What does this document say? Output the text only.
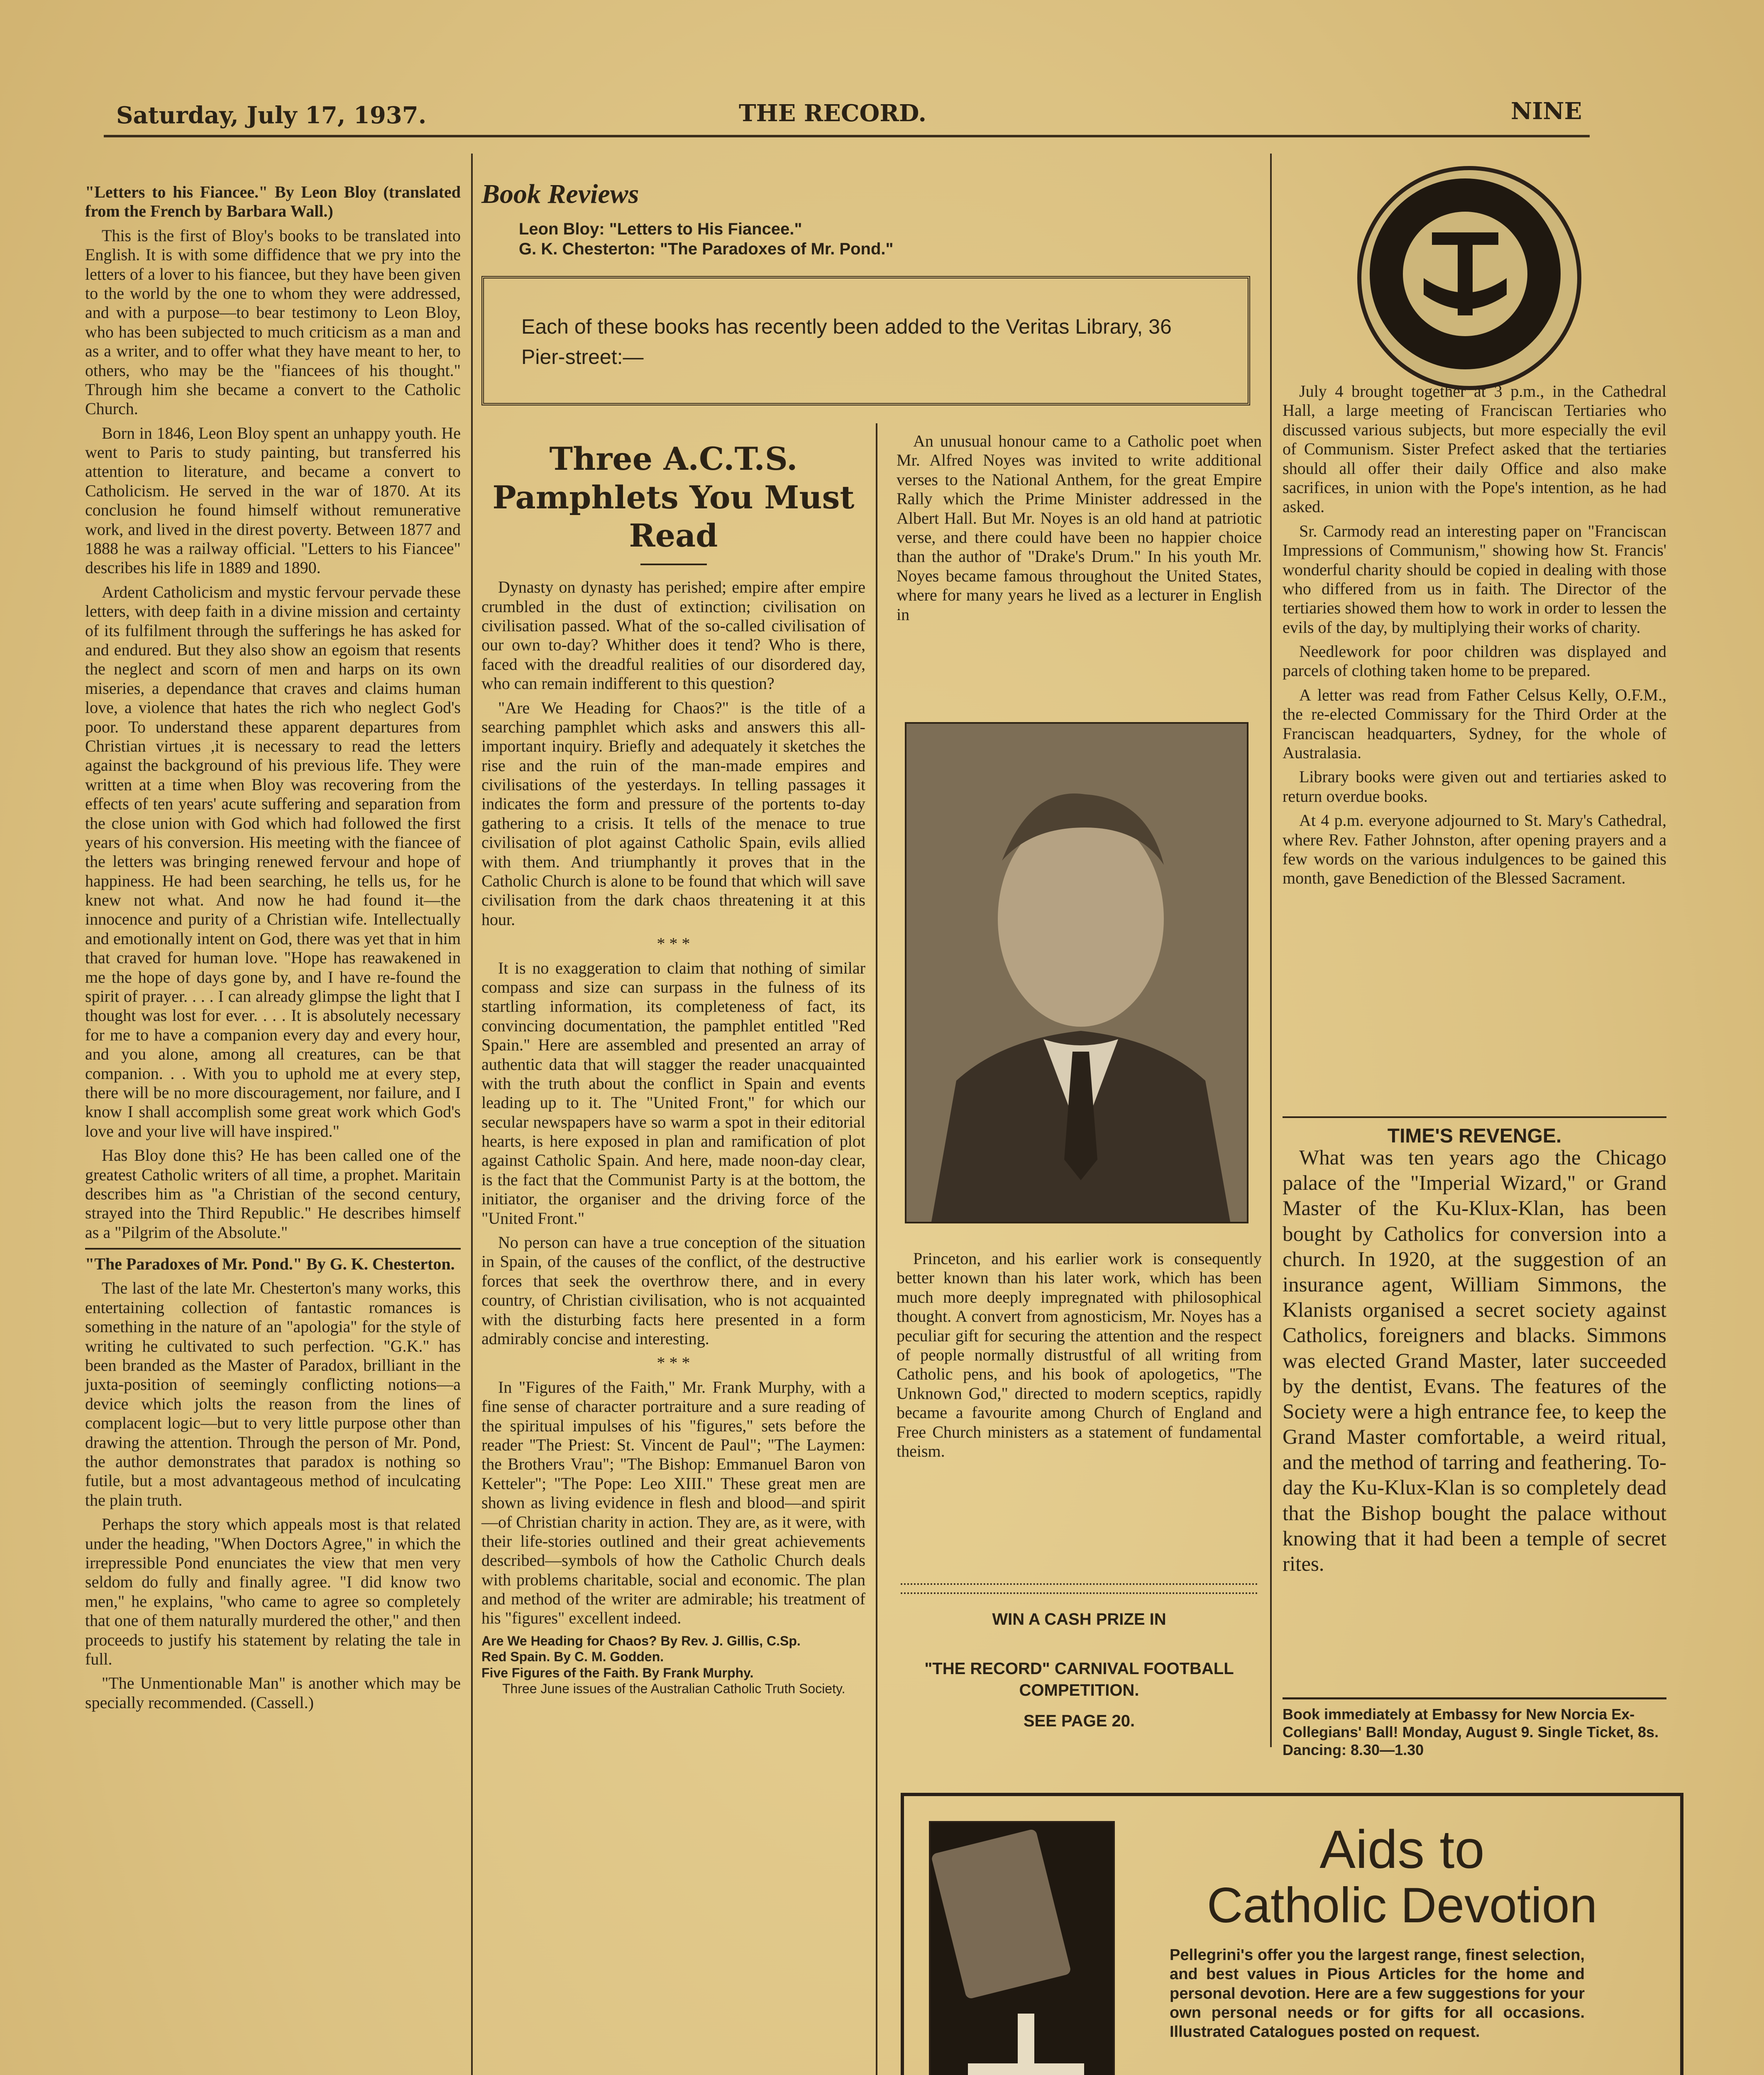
Saturday, July 17, 1937.	THE RECORD.	NINE

"Letters to his Fiancee." By Leon Bloy (translated from the French by Barbara Wall.)

This is the first of Bloy's books to be translated into English. It is with some diffidence that we pry into the letters of a lover to his fiancee, but they have been given to the world by the one to whom they were addressed, and with a purpose—to bear testimony to Leon Bloy, who has been subjected to much criticism as a man and as a writer, and to offer what they have meant to her, to others, who may be the "fiancees of his thought." Through him she became a convert to the Catholic Church.

Born in 1846, Leon Bloy spent an unhappy youth. He went to Paris to study painting, but transferred his attention to literature, and became a convert to Catholicism. He served in the war of 1870. At its conclusion he found himself without remunerative work, and lived in the direst poverty. Between 1877 and 1888 he was a railway official. "Letters to his Fiancee" describes his life in 1889 and 1890.

Ardent Catholicism and mystic fervour pervade these letters, with deep faith in a divine mission and certainty of its fulfilment through the sufferings he has asked for and endured. But they also show an egoism that resents the neglect and scorn of men and harps on its own miseries, a dependance that craves and claims human love, a violence that hates the rich who neglect God's poor. To understand these apparent departures from Christian virtues ,it is necessary to read the letters against the background of his previous life. They were written at a time when Bloy was recovering from the effects of ten years' acute suffering and separation from the close union with God which had followed the first years of his conversion. His meeting with the fiancee of the letters was bringing renewed fervour and hope of happiness. He had been searching, he tells us, for he knew not what. And now he had found it—the innocence and purity of a Christian wife. Intellectually and emotionally intent on God, there was yet that in him that craved for human love. "Hope has reawakened in me the hope of days gone by, and I have re-found the spirit of prayer. . . . I can already glimpse the light that I thought was lost for ever. . . . It is absolutely necessary for me to have a companion every day and every hour, and you alone, among all creatures, can be that companion. . . With you to uphold me at every step, there will be no more discouragement, nor failure, and I know I shall accomplish some great work which God's love and your live will have inspired."

Has Bloy done this? He has been called one of the greatest Catholic writers of all time, a prophet. Maritain describes him as "a Christian of the second century, strayed into the Third Republic." He describes himself as a "Pilgrim of the Absolute."

"The Paradoxes of Mr. Pond." By G. K. Chesterton.

The last of the late Mr. Chesterton's many works, this entertaining collection of fantastic romances is something in the nature of an "apologia" for the style of writing he cultivated to such perfection. "G.K." has been branded as the Master of Paradox, brilliant in the juxta-position of seemingly conflicting notions—a device which jolts the reason from the lines of complacent logic—but to very little purpose other than drawing the attention. Through the person of Mr. Pond, the author demonstrates that paradox is nothing so futile, but a most advantageous method of inculcating the plain truth.

Perhaps the story which appeals most is that related under the heading, "When Doctors Agree," in which the irrepressible Pond enunciates the view that men very seldom do fully and finally agree. "I did know two men," he explains, "who came to agree so completely that one of them naturally murdered the other," and then proceeds to justify his statement by relating the tale in full.

"The Unmentionable Man" is another which may be specially recommended. (Cassell.)

Book Reviews
Leon Bloy: "Letters to His Fiancee."
G. K. Chesterton: "The Paradoxes of Mr. Pond."
Each of these books has recently been added to the Veritas Library, 36 Pier-street:—
Three A.C.T.S. Pamphlets You Must Read

Dynasty on dynasty has perished; empire after empire crumbled in the dust of extinction; civilisation on civilisation passed. What of the so-called civilisation of our own to-day? Whither does it tend? Who is there, faced with the dreadful realities of our disordered day, who can remain indifferent to this question?

"Are We Heading for Chaos?" is the title of a searching pamphlet which asks and answers this all-important inquiry. Briefly and adequately it sketches the rise and the ruin of the man-made empires and civilisations of the yesterdays. In telling passages it indicates the form and pressure of the portents to-day gathering to a crisis. It tells of the menace to true civilisation of plot against Catholic Spain, evils allied with them. And triumphantly it proves that in the Catholic Church is alone to be found that which will save civilisation from the dark chaos threatening it at this hour.

* * *

It is no exaggeration to claim that nothing of similar compass and size can surpass in the fulness of its startling information, its completeness of fact, its convincing documentation, the pamphlet entitled "Red Spain." Here are assembled and presented an array of authentic data that will stagger the reader unacquainted with the truth about the conflict in Spain and events leading up to it. The "United Front," for which our secular newspapers have so warm a spot in their editorial hearts, is here exposed in plan and ramification of plot against Catholic Spain. And here, made noon-day clear, is the fact that the Communist Party is at the bottom, the initiator, the organiser and the driving force of the "United Front."

No person can have a true conception of the situation in Spain, of the causes of the conflict, of the destructive forces that seek the overthrow there, and in every country, of Christian civilisation, who is not acquainted with the disturbing facts here presented in a form admirably concise and interesting.

* * *

In "Figures of the Faith," Mr. Frank Murphy, with a fine sense of character portraiture and a sure reading of the spiritual impulses of his "figures," sets before the reader "The Priest: St. Vincent de Paul"; "The Laymen: the Brothers Vrau"; "The Bishop: Emmanuel Baron von Ketteler"; "The Pope: Leo XIII." These great men are shown as living evidence in flesh and blood—and spirit—of Christian charity in action. They are, as it were, with their life-stories outlined and their great achievements described—symbols of how the Catholic Church deals with problems charitable, social and economic. The plan and method of the writer are admirable; his treatment of his "figures" excellent indeed.

Are We Heading for Chaos? By Rev. J. Gillis, C.Sp.
Red Spain. By C. M. Godden.
Five Figures of the Faith. By Frank Murphy.
Three June issues of the Australian Catholic Truth Society.

An unusual honour came to a Catholic poet when Mr. Alfred Noyes was invited to write additional verses to the National Anthem, for the great Empire Rally which the Prime Minister addressed in the Albert Hall. But Mr. Noyes is an old hand at patriotic verse, and there could have been no happier choice than the author of "Drake's Drum." In his youth Mr. Noyes became famous throughout the United States, where for many years he lived as a lecturer in English in

Princeton, and his earlier work is consequently better known than his later work, which has been much more deeply impregnated with philosophical thought. A convert from agnosticism, Mr. Noyes has a peculiar gift for securing the attention and the respect of people normally distrustful of all writing from Catholic pens, and his book of apologetics, "The Unknown God," directed to modern sceptics, rapidly became a favourite among Church of England and Free Church ministers as a statement of fundamental theism.

WIN A CASH PRIZE IN
"THE RECORD" CARNIVAL FOOTBALL COMPETITION.
SEE PAGE 20.

July 4 brought together at 3 p.m., in the Cathedral Hall, a large meeting of Franciscan Tertiaries who discussed various subjects, but more especially the evil of Communism. Sister Prefect asked that the tertiaries should all offer their daily Office and also make sacrifices, in union with the Pope's intention, as he had asked.

Sr. Carmody read an interesting paper on "Franciscan Impressions of Communism," showing how St. Francis' wonderful charity should be copied in dealing with those who differed from us in faith. The Director of the tertiaries showed them how to work in order to lessen the evils of the day, by multiplying their works of charity.

Needlework for poor children was displayed and parcels of clothing taken home to be prepared.

A letter was read from Father Celsus Kelly, O.F.M., the re-elected Commissary for the Third Order at the Franciscan headquarters, Sydney, for the whole of Australasia.

Library books were given out and tertiaries asked to return overdue books.

At 4 p.m. everyone adjourned to St. Mary's Cathedral, where Rev. Father Johnston, after opening prayers and a few words on the various indulgences to be gained this month, gave Benediction of the Blessed Sacrament.

TIME'S REVENGE.
What was ten years ago the Chicago palace of the "Imperial Wizard," or Grand Master of the Ku-Klux-Klan, has been bought by Catholics for conversion into a church. In 1920, at the suggestion of an insurance agent, William Simmons, the Klanists organised a secret society against Catholics, foreigners and blacks. Simmons was elected Grand Master, later succeeded by the dentist, Evans. The features of the Society were a high entrance fee, to keep the Grand Master comfortable, a weird ritual, and the method of tarring and feathering. To-day the Ku-Klux-Klan is so completely dead that the Bishop bought the palace without knowing that it had been a temple of secret rites.
Book immediately at Embassy for New Norcia Ex-Collegians' Ball! Monday, August 9. Single Ticket, 8s. Dancing: 8.30—1.30
Aids to
Catholic Devotion
Pellegrini's offer you the largest range, finest selection, and best values in Pious Articles for the home and personal devotion. Here are a few suggestions for your own personal needs or for gifts for all occasions. Illustrated Catalogues posted on request.
